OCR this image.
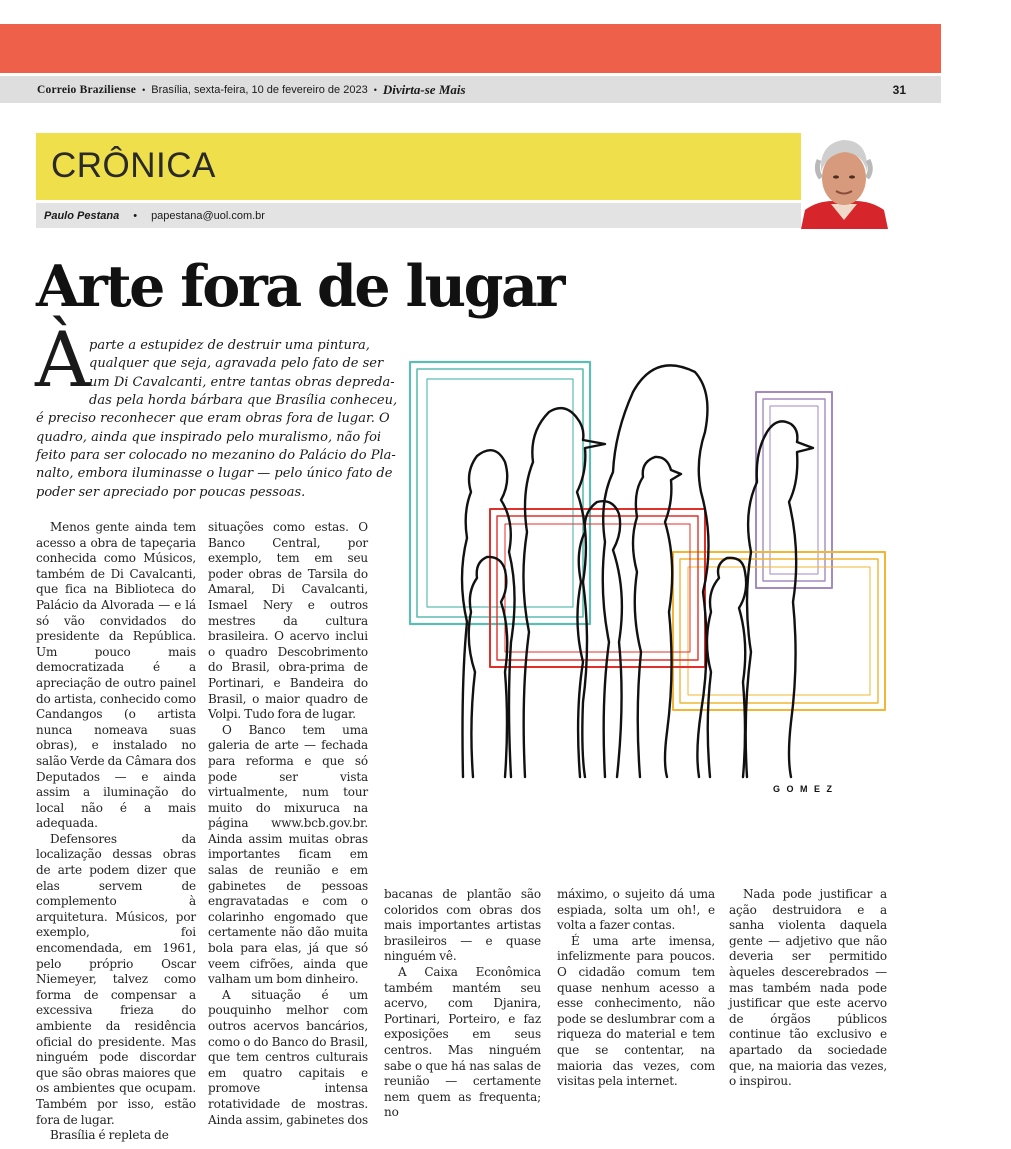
Correio Braziliense • Brasília, sexta-feira, 10 de fevereiro de 2023 • Divirta-se Mais	31
CRÔNICA
Paulo Pestana • papestana@uol.com.br
Arte fora de lugar
À parte a estupidez de destruir uma pintura,
qualquer que seja, agravada pelo fato de ser
um Di Cavalcanti, entre tantas obras depreda-
das pela horda bárbara que Brasília conheceu,
é preciso reconhecer que eram obras fora de lugar. O
quadro, ainda que inspirado pelo muralismo, não foi
feito para ser colocado no mezanino do Palácio do Pla-
nalto, embora iluminasse o lugar — pelo único fato de
poder ser apreciado por poucas pessoas.
G O M E Z

Menos gente ainda tem acesso a obra de tapeçaria conhecida como Músicos, também de Di Cavalcanti, que fica na Biblioteca do Palácio da Alvorada — e lá só vão convidados do presidente da República. Um pouco mais democratizada é a apreciação de outro painel do artista, conhecido como Candangos (o artista nunca nomeava suas obras), e instalado no salão Verde da Câmara dos Deputados — e ainda assim a iluminação do local não é a mais adequada.

Defensores da localização dessas obras de arte podem dizer que elas servem de complemento à arquitetura. Músicos, por exemplo, foi encomendada, em 1961, pelo próprio Oscar Niemeyer, talvez como forma de compensar a excessiva frieza do ambiente da residência oficial do presidente. Mas ninguém pode discordar que são obras maiores que os ambientes que ocupam. Também por isso, estão fora de lugar.

Brasília é repleta de

situações como estas. O Banco Central, por exemplo, tem em seu poder obras de Tarsila do Amaral, Di Cavalcanti, Ismael Nery e outros mestres da cultura brasileira. O acervo inclui o quadro Descobrimento do Brasil, obra-prima de Portinari, e Bandeira do Brasil, o maior quadro de Volpi. Tudo fora de lugar.

O Banco tem uma galeria de arte — fechada para reforma e que só pode ser vista virtualmente, num tour muito do mixuruca na página www.bcb.gov.br. Ainda assim muitas obras importantes ficam em salas de reunião e em gabinetes de pessoas engravatadas e com o colarinho engomado que certamente não dão muita bola para elas, já que só veem cifrões, ainda que valham um bom dinheiro.

A situação é um pouquinho melhor com outros acervos bancários, como o do Banco do Brasil, que tem centros culturais em quatro capitais e promove intensa rotatividade de mostras. Ainda assim, gabinetes dos

bacanas de plantão são coloridos com obras dos mais importantes artistas brasileiros — e quase ninguém vê.

A Caixa Econômica também mantém seu acervo, com Djanira, Portinari, Porteiro, e faz exposições em seus centros. Mas ninguém sabe o que há nas salas de reunião — certamente nem quem as frequenta; no

máximo, o sujeito dá uma espiada, solta um oh!, e volta a fazer contas.

É uma arte imensa, infelizmente para poucos. O cidadão comum tem quase nenhum acesso a esse conhecimento, não pode se deslumbrar com a riqueza do material e tem que se contentar, na maioria das vezes, com visitas pela internet.

Nada pode justificar a ação destruidora e a sanha violenta daquela gente — adjetivo que não deveria ser permitido àqueles descerebrados — mas também nada pode justificar que este acervo de órgãos públicos continue tão exclusivo e apartado da sociedade que, na maioria das vezes, o inspirou.
